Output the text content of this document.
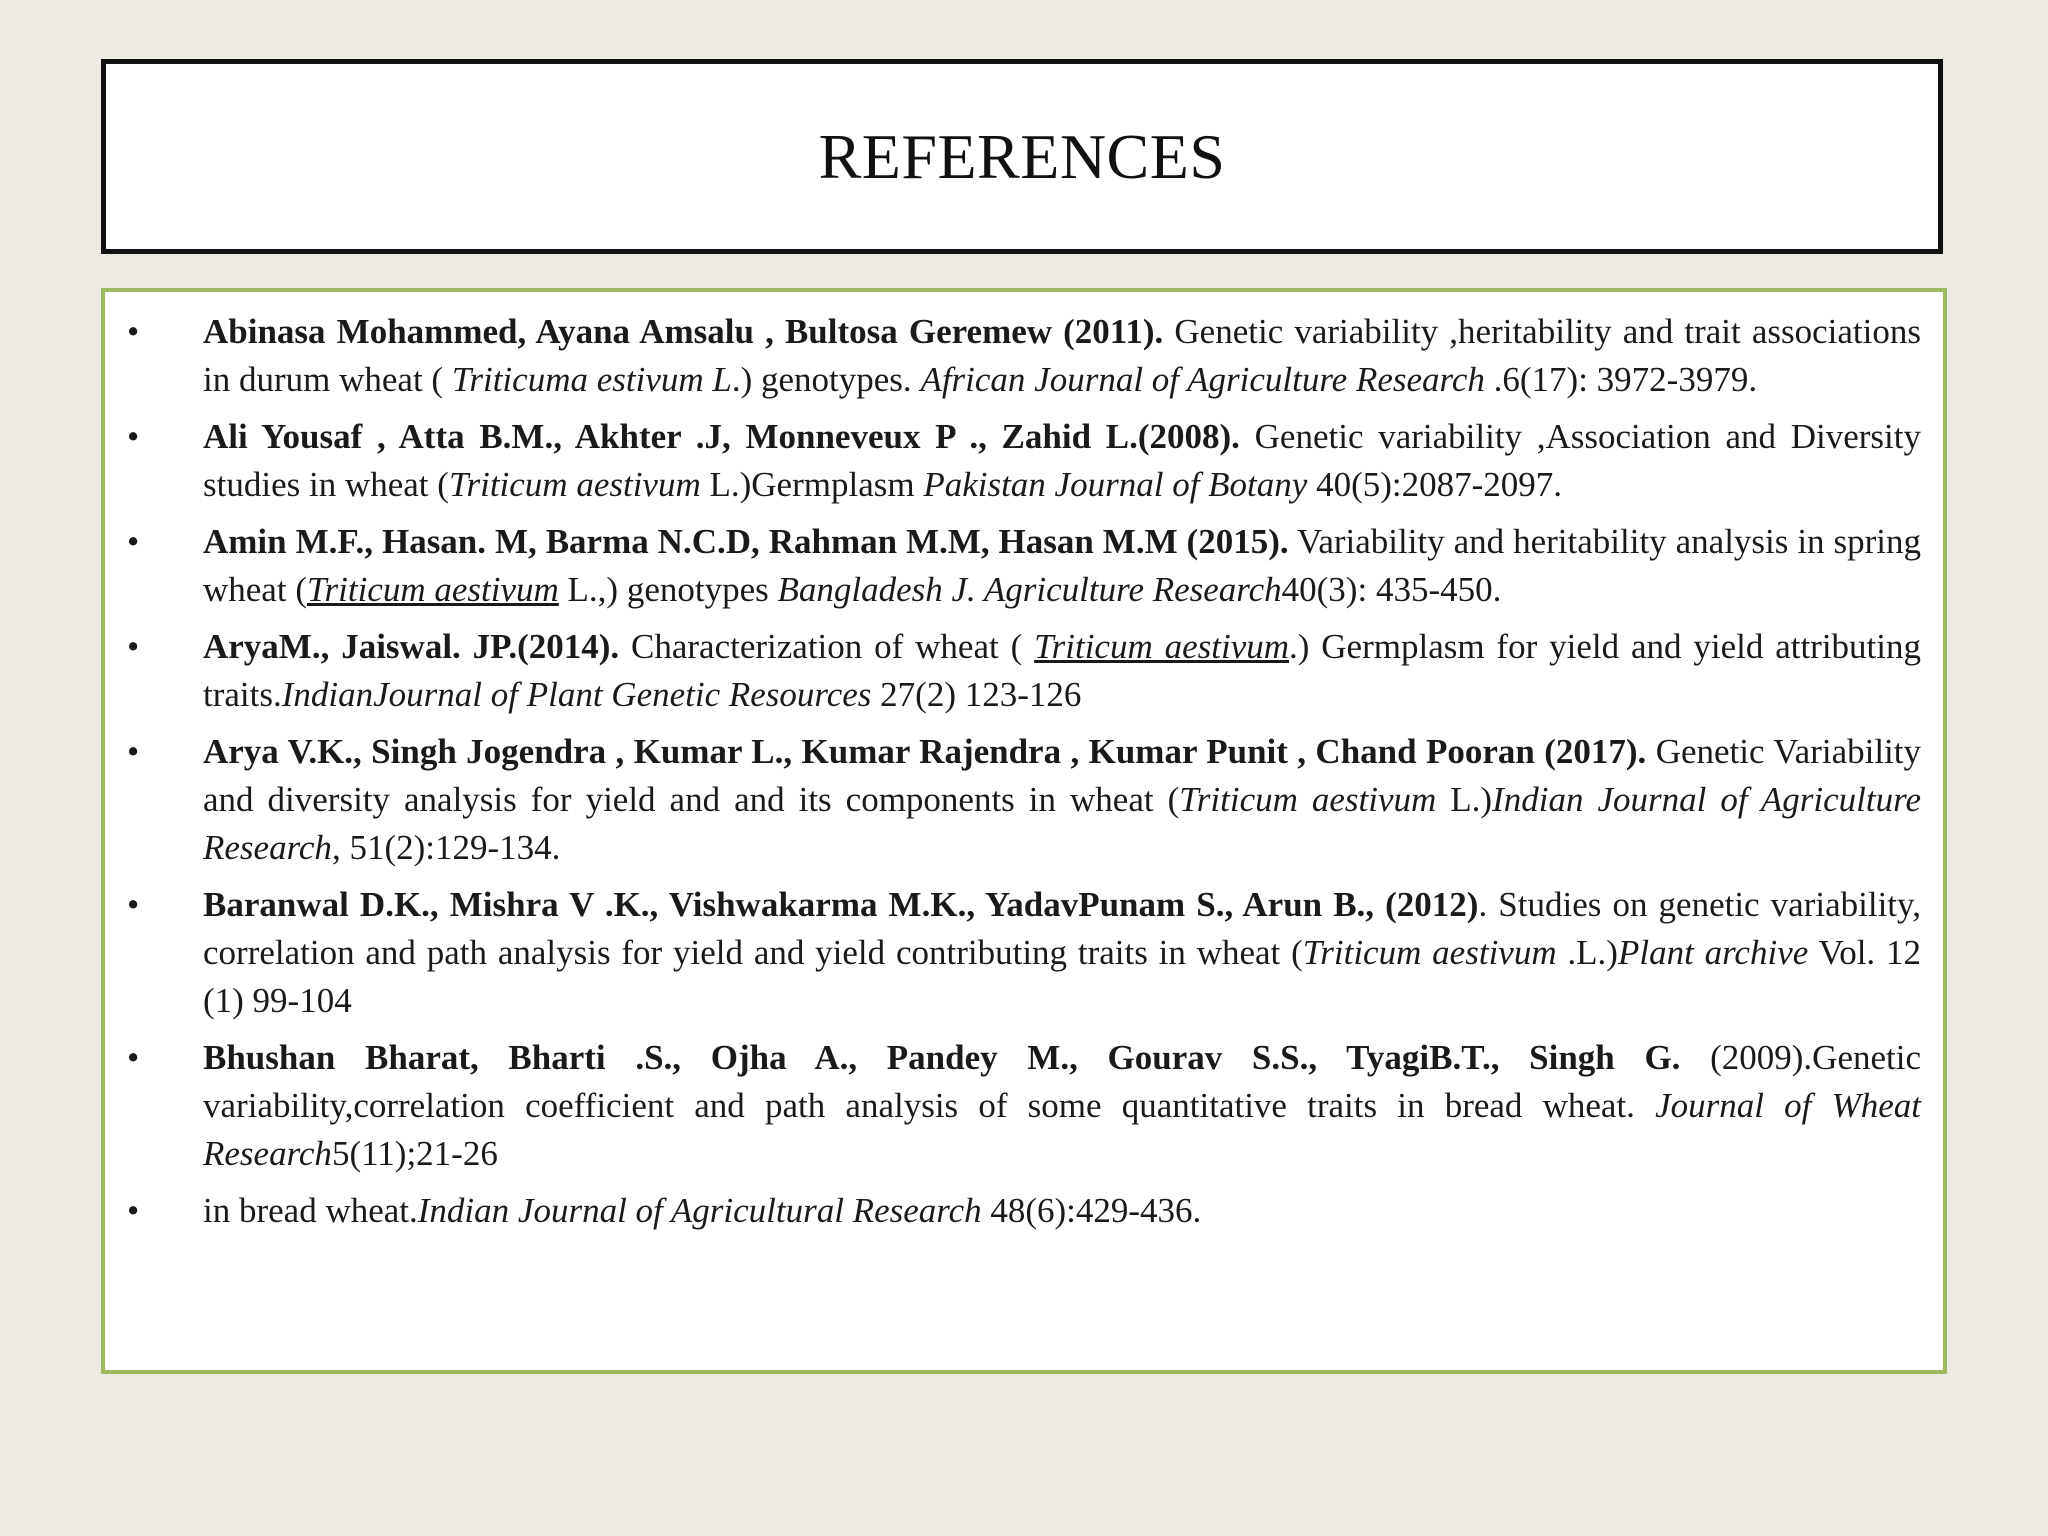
REFERENCES
• Abinasa Mohammed, Ayana Amsalu , Bultosa Geremew (2011). Genetic variability ,heritability and trait associations in durum wheat ( Triticuma estivum L.) genotypes. African Journal of Agriculture Research .6(17): 3972-3979.
• Ali Yousaf , Atta B.M., Akhter .J, Monneveux P ., Zahid L.(2008). Genetic variability ,Association and Diversity studies in wheat (Triticum aestivum L.)Germplasm Pakistan Journal of Botany 40(5):2087-2097.
• Amin M.F., Hasan. M, Barma N.C.D, Rahman M.M, Hasan M.M (2015). Variability and heritability analysis in spring wheat (Triticum aestivum L.,) genotypes Bangladesh J. Agriculture Research40(3): 435-450.
• AryaM., Jaiswal. JP.(2014). Characterization of wheat ( Triticum aestivum.) Germplasm for yield and yield attributing traits.IndianJournal of Plant Genetic Resources 27(2) 123-126
• Arya V.K., Singh Jogendra , Kumar L., Kumar Rajendra , Kumar Punit , Chand Pooran (2017). Genetic Variability and diversity analysis for yield and and its components in wheat (Triticum aestivum L.)Indian Journal of Agriculture Research, 51(2):129-134.
• Baranwal D.K., Mishra V .K., Vishwakarma M.K., YadavPunam S., Arun B., (2012). Studies on genetic variability, correlation and path analysis for yield and yield contributing traits in wheat (Triticum aestivum .L.)Plant archive Vol. 12 (1) 99-104
• Bhushan Bharat, Bharti .S., Ojha A., Pandey M., Gourav S.S., TyagiB.T., Singh G. (2009).Genetic variability,correlation coefficient and path analysis of some quantitative traits in bread wheat. Journal of Wheat Research5(11);21-26
• in bread wheat.Indian Journal of Agricultural Research 48(6):429-436.
